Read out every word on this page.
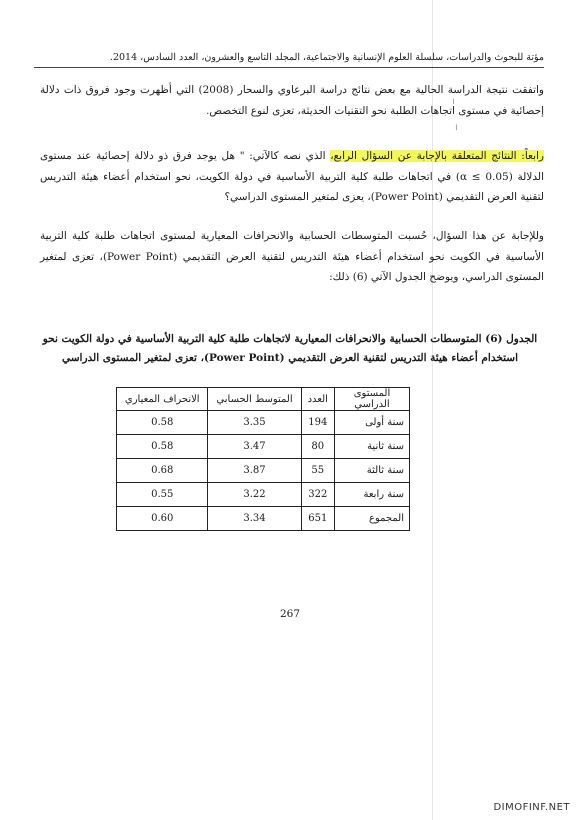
مؤتة للبحوث والدراسات، سلسلة العلوم الإنسانية والاجتماعية، المجلد التاسع والعشرون، العدد السادس، 2014.
ı
ı
واتفقت نتيجة الدراسة الحالية مع بعض نتائج دراسة البرعاوي والسحار (2008) التي أظهرت وجود فروق ذات دلالة إحصائية في مستوى اتجاهات الطلبة نحو التقنيات الحديثة، تعزى لنوع التخصص.
رابعاً: النتائج المتعلقة بالإجابة عن السؤال الرابع، الذي نصه كالآتي: " هل يوجد فرق ذو دلالة إحصائية عند مستوى الدلالة (α ≤ 0.05) في اتجاهات طلبة كلية التربية الأساسية في دولة الكويت، نحو استخدام أعضاء هيئة التدريس لتقنية العرض التقديمي (Power Point)، يعزى لمتغير المستوى الدراسي؟
وللإجابة عن هذا السؤال، حُسبت المتوسطات الحسابية والانحرافات المعيارية لمستوى اتجاهات طلبة كلية التربية الأساسية في الكويت نحو استخدام أعضاء هيئة التدريس لتقنية العرض التقديمي (Power Point)، تعزى لمتغير المستوى الدراسي، ويوضح الجدول الآتي (6) ذلك:
الجدول (6) المتوسطات الحسابية والانحرافات المعيارية لاتجاهات طلبة كلية التربية الأساسية في دولة الكويت نحو استخدام أعضاء هيئة التدريس لتقنية العرض التقديمي (Power Point)، تعزى لمتغير المستوى الدراسي
المستوى الدراسي	العدد	المتوسط الحسابي	الانحراف المعياري
سنة أولى	194	3.35	0.58
سنة ثانية	80	3.47	0.58
سنة ثالثة	55	3.87	0.68
سنة رابعة	322	3.22	0.55
المجموع	651	3.34	0.60
267
DIMOFINF.NET
